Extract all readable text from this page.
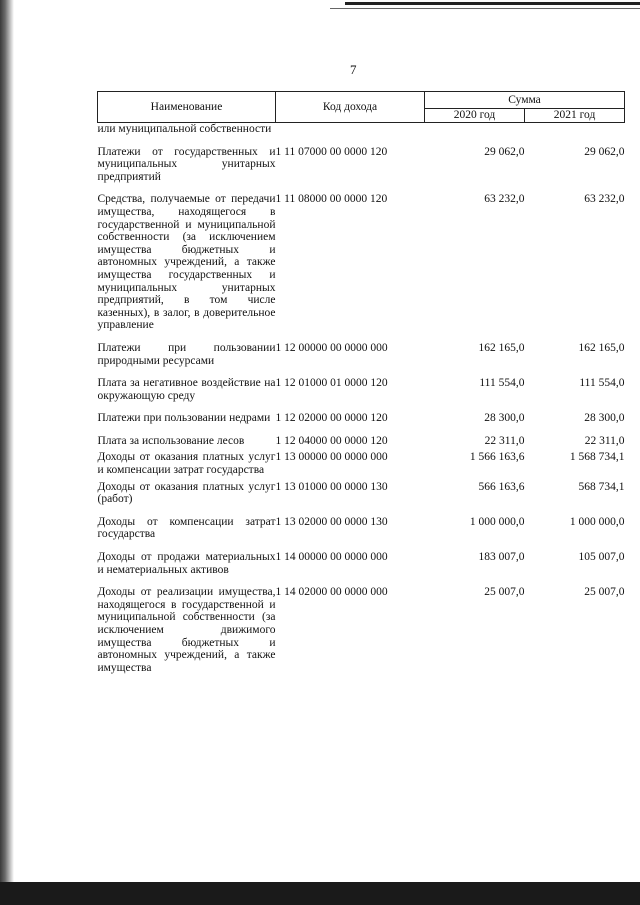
7
Наименование	Код дохода	Сумма	
		2020 год	2021 год
или муниципальной собственности			
Платежи от государственных и муниципальных унитарных предприятий	1 11 07000 00 0000 120	29 062,0	29 062,0
Средства, получаемые от передачи имущества, находящегося в государственной и муниципальной собственности (за исключением имущества бюджетных и автономных учреждений, а также имущества государственных и муниципальных унитарных предприятий, в том числе казенных), в залог, в доверительное управление	1 11 08000 00 0000 120	63 232,0	63 232,0
Платежи при пользовании природными ресурсами	1 12 00000 00 0000 000	162 165,0	162 165,0
Плата за негативное воздействие на окружающую среду	1 12 01000 01 0000 120	111 554,0	111 554,0
Платежи при пользовании недрами	1 12 02000 00 0000 120	28 300,0	28 300,0
Плата за использование лесов	1 12 04000 00 0000 120	22 311,0	22 311,0
Доходы от оказания платных услуг и компенсации затрат государства	1 13 00000 00 0000 000	1 566 163,6	1 568 734,1
Доходы от оказания платных услуг (работ)	1 13 01000 00 0000 130	566 163,6	568 734,1
Доходы от компенсации затрат государства	1 13 02000 00 0000 130	1 000 000,0	1 000 000,0
Доходы от продажи материальных и нематериальных активов	1 14 00000 00 0000 000	183 007,0	105 007,0
Доходы от реализации имущества, находящегося в государственной и муниципальной собственности (за исключением движимого имущества бюджетных и автономных учреждений, а также имущества	1 14 02000 00 0000 000	25 007,0	25 007,0
